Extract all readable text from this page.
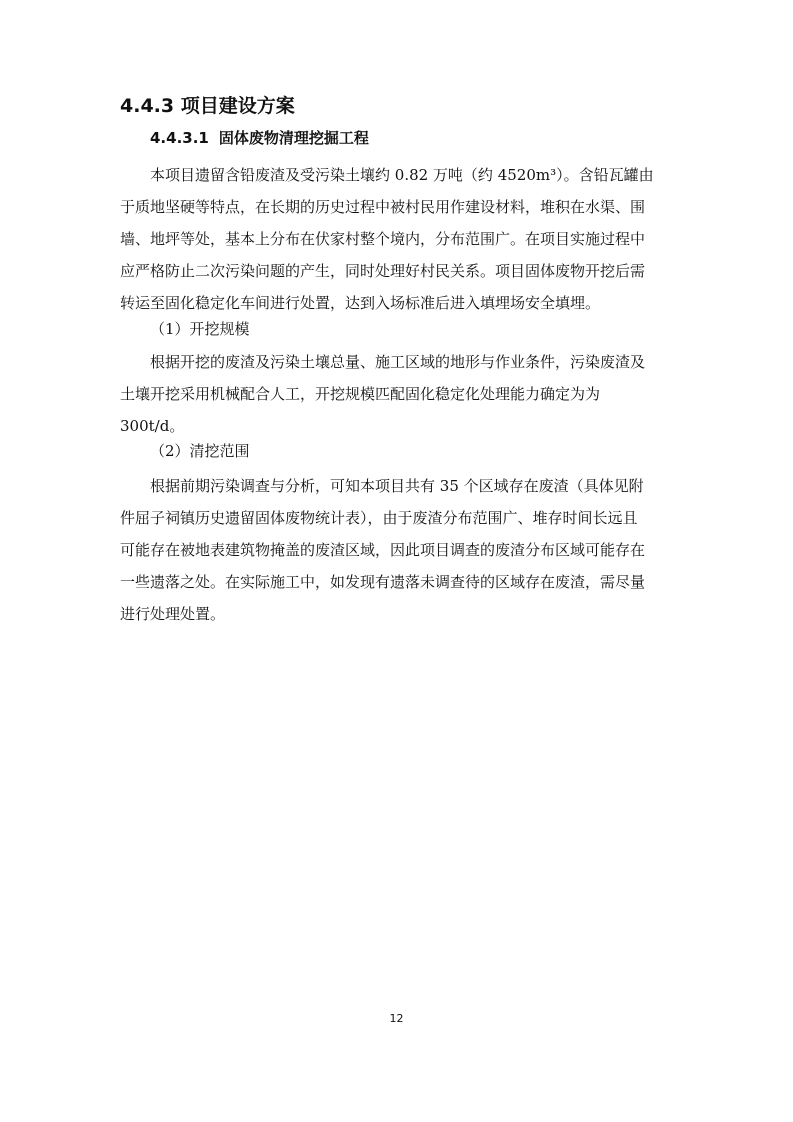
4.4.3 项目建设方案
4.4.3.1 固体废物清理挖掘工程
本项目遗留含铅废渣及受污染土壤约 0.82 万吨（约 4520m³）。含铅瓦罐由
于质地坚硬等特点，在长期的历史过程中被村民用作建设材料，堆积在水渠、围
墙、地坪等处，基本上分布在伏家村整个境内，分布范围广。在项目实施过程中
应严格防止二次污染问题的产生，同时处理好村民关系。项目固体废物开挖后需
转运至固化稳定化车间进行处置，达到入场标准后进入填埋场安全填埋。
（1）开挖规模
根据开挖的废渣及污染土壤总量、施工区域的地形与作业条件，污染废渣及
土壤开挖采用机械配合人工，开挖规模匹配固化稳定化处理能力确定为为
300t/d。
（2）清挖范围
根据前期污染调查与分析，可知本项目共有 35 个区域存在废渣（具体见附
件屈子祠镇历史遗留固体废物统计表），由于废渣分布范围广、堆存时间长远且
可能存在被地表建筑物掩盖的废渣区域，因此项目调查的废渣分布区域可能存在
一些遗落之处。在实际施工中，如发现有遗落未调查待的区域存在废渣，需尽量
进行处理处置。
12
